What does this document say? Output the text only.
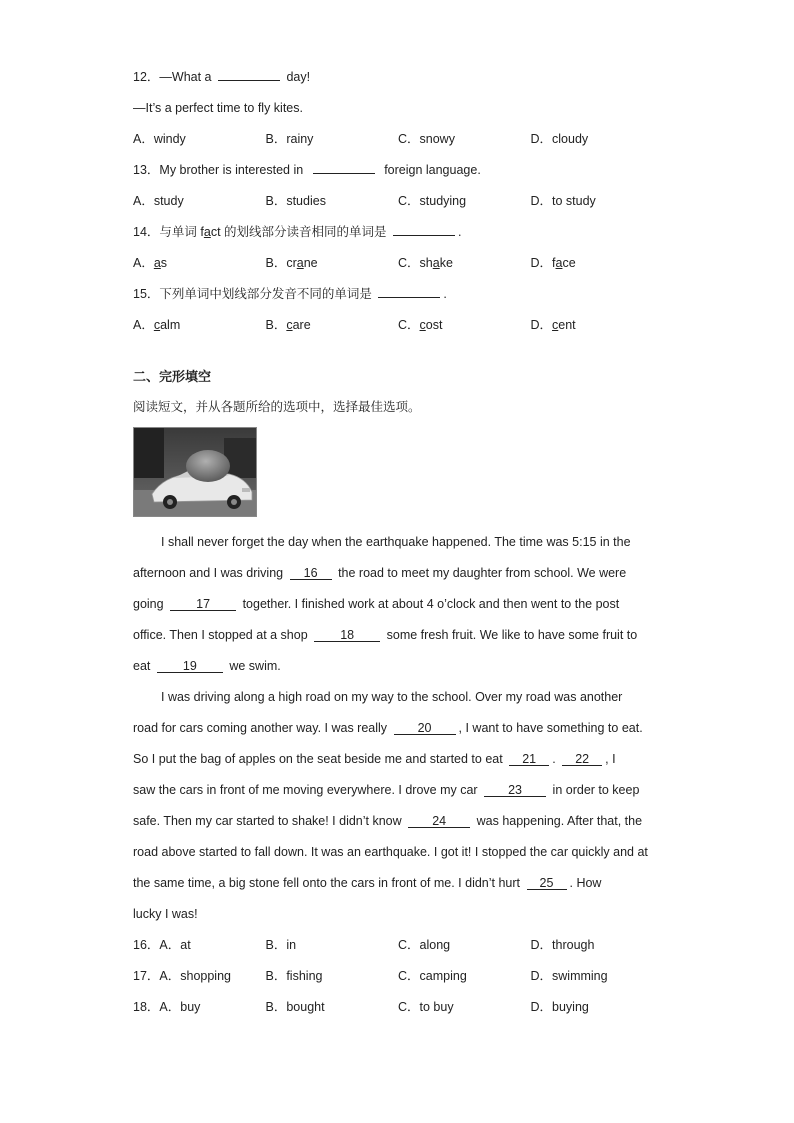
12．—What a	day!
—It’s a perfect time to fly kites.
A．windy	B．rainy	C．snowy	D．cloudy
13．My brother is interested in	foreign language.
A．study	B．studies	C．studying	D．to study
14．与单词 fact 的划线部分读音相同的单词是	.
A．as	B．crane	C．shake	D．face
15．下列单词中划线部分发音不同的单词是	.
A．calm	B．care	C．cost	D．cent
二、完形填空
阅读短文，并从各题所给的选项中，选择最佳选项。
I shall never forget the day when the earthquake happened. The time was 5:15 in the
afternoon and I was driving 16 the road to meet my daughter from school. We were
going	17	together. I finished work at about 4 o’clock and then went to the post
office. Then I stopped at a shop	18	some fresh fruit. We like to have some fruit to
eat	19	we swim.
I was driving along a high road on my way to the school. Over my road was another
road for cars coming another way. I was really 20 , I want to have something to eat.
So I put the bag of apples on the seat beside me and started to eat 21 . 22 , I
saw the cars in front of me moving everywhere. I drove my car 23 in order to keep
safe. Then my car started to shake! I didn’t know 24 was happening. After that, the
road above started to fall down. It was an earthquake. I got it! I stopped the car quickly and at
the same time, a big stone fell onto the cars in front of me. I didn’t hurt 25 . How
lucky I was!
16．A．at	B．in	C．along	D．through
17．A．shopping	B．fishing	C．camping	D．swimming
18．A．buy	B．bought	C．to buy	D．buying
